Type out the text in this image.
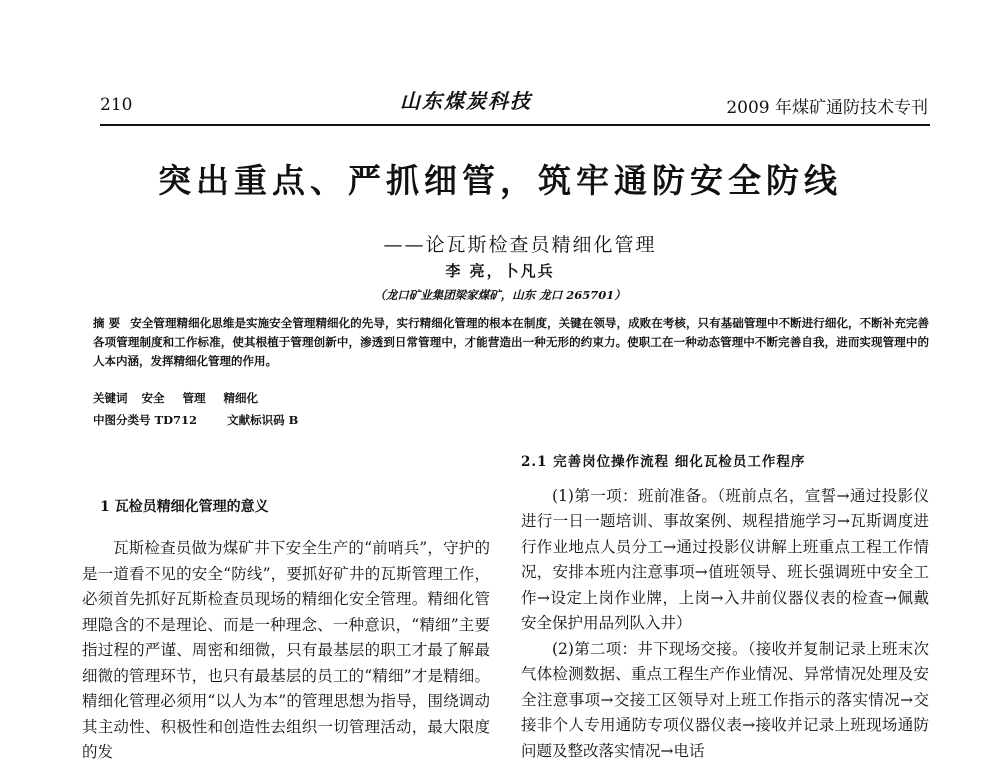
210	山东煤炭科技	2009 年煤矿通防技术专刊
突出重点、严抓细管，筑牢通防安全防线
——论瓦斯检查员精细化管理
李 亮，卜凡兵
（龙口矿业集团梁家煤矿，山东 龙口 265701）
摘 要 安全管理精细化思维是实施安全管理精细化的先导，实行精细化管理的根本在制度，关键在领导，成败在考核，只有基础管理中不断进行细化，不断补充完善各项管理制度和工作标准，使其根植于管理创新中，渗透到日常管理中，才能营造出一种无形的约束力。使职工在一种动态管理中不断完善自我，进而实现管理中的人本内涵，发挥精细化管理的作用。
关键词 安全 管理 精细化
中图分类号 TD712	文献标识码 B
1 瓦检员精细化管理的意义

瓦斯检查员做为煤矿井下安全生产的“前哨兵”，守护的是一道看不见的安全“防线”，要抓好矿井的瓦斯管理工作，必须首先抓好瓦斯检查员现场的精细化安全管理。精细化管理隐含的不是理论、而是一种理念、一种意识，“精细”主要指过程的严谨、周密和细微，只有最基层的职工才最了解最细微的管理环节，也只有最基层的员工的“精细”才是精细。精细化管理必须用“以人为本”的管理思想为指导，围绕调动其主动性、积极性和创造性去组织一切管理活动，最大限度的发

2.1 完善岗位操作流程 细化瓦检员工作程序

(1)第一项：班前准备。（班前点名，宣誓→通过投影仪进行一日一题培训、事故案例、规程措施学习→瓦斯调度进行作业地点人员分工→通过投影仪讲解上班重点工程工作情况，安排本班内注意事项→值班领导、班长强调班中安全工作→设定上岗作业牌，上岗→入井前仪器仪表的检查→佩戴安全保护用品列队入井）

(2)第二项：井下现场交接。（接收并复制记录上班末次气体检测数据、重点工程生产作业情况、异常情况处理及安全注意事项→交接工区领导对上班工作指示的落实情况→交接非个人专用通防专项仪器仪表→接收并记录上班现场通防问题及整改落实情况→电话
